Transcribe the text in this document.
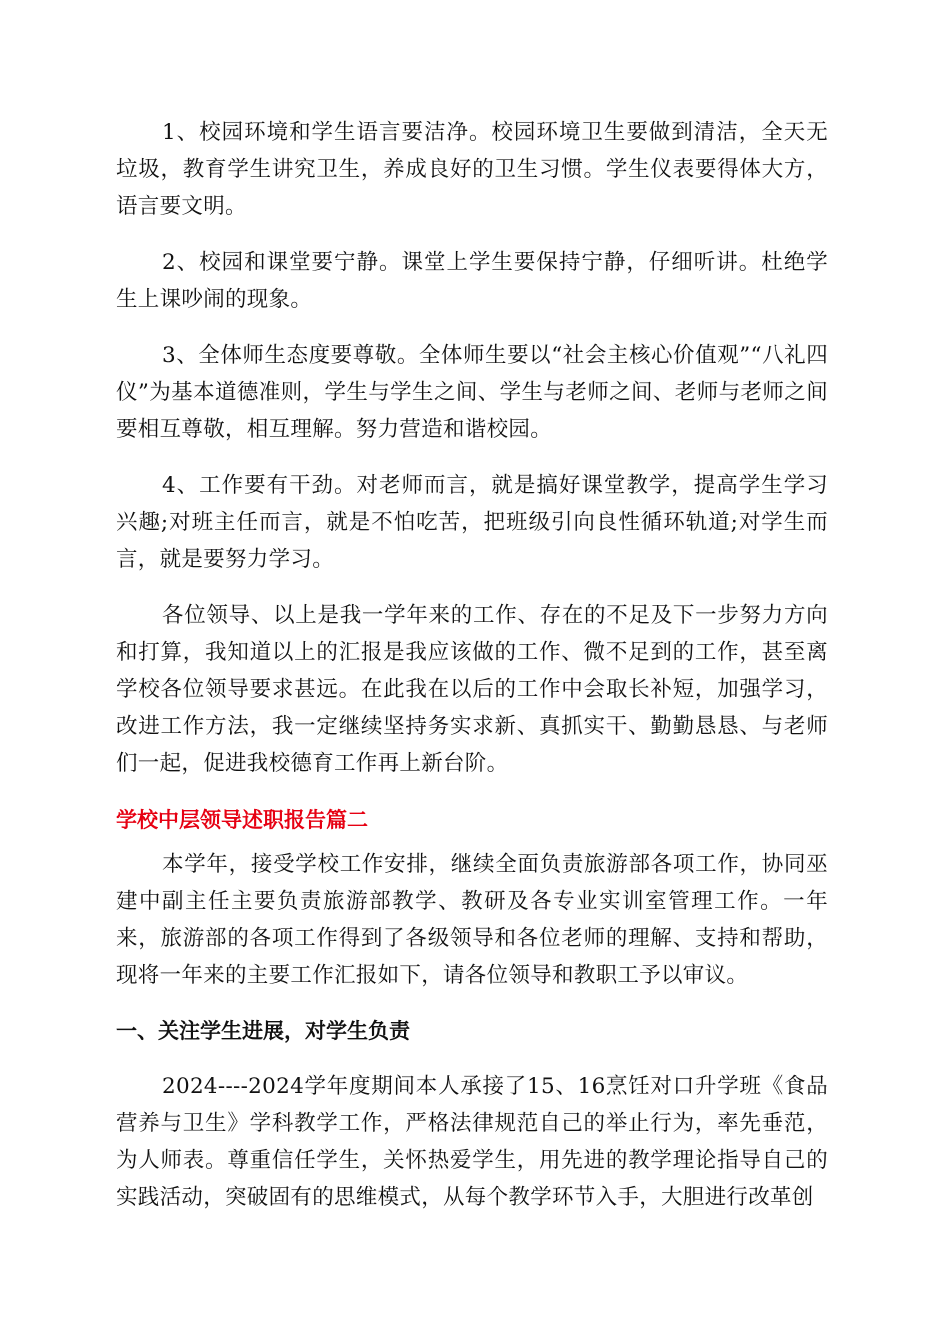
1、校园环境和学生语言要洁净。校园环境卫生要做到清洁，全天无垃圾，教育学生讲究卫生，养成良好的卫生习惯。学生仪表要得体大方，语言要文明。

2、校园和课堂要宁静。课堂上学生要保持宁静，仔细听讲。杜绝学生上课吵闹的现象。

3、全体师生态度要尊敬。全体师生要以“社会主核心价值观”“八礼四仪”为基本道德准则，学生与学生之间、学生与老师之间、老师与老师之间要相互尊敬，相互理解。努力营造和谐校园。

4、工作要有干劲。对老师而言，就是搞好课堂教学，提高学生学习兴趣;对班主任而言，就是不怕吃苦，把班级引向良性循环轨道;对学生而言，就是要努力学习。

各位领导、以上是我一学年来的工作、存在的不足及下一步努力方向和打算，我知道以上的汇报是我应该做的工作、微不足到的工作，甚至离学校各位领导要求甚远。在此我在以后的工作中会取长补短，加强学习，改进工作方法，我一定继续坚持务实求新、真抓实干、勤勤恳恳、与老师们一起，促进我校德育工作再上新台阶。

学校中层领导述职报告篇二

本学年，接受学校工作安排，继续全面负责旅游部各项工作，协同巫建中副主任主要负责旅游部教学、教研及各专业实训室管理工作。一年来，旅游部的各项工作得到了各级领导和各位老师的理解、支持和帮助，现将一年来的主要工作汇报如下，请各位领导和教职工予以审议。

一、关注学生进展，对学生负责

2024----2024学年度期间本人承接了15、16烹饪对口升学班《食品营养与卫生》学科教学工作，严格法律规范自己的举止行为，率先垂范，为人师表。尊重信任学生，关怀热爱学生，用先进的教学理论指导自己的实践活动，突破固有的思维模式，从每个教学环节入手，大胆进行改革创
